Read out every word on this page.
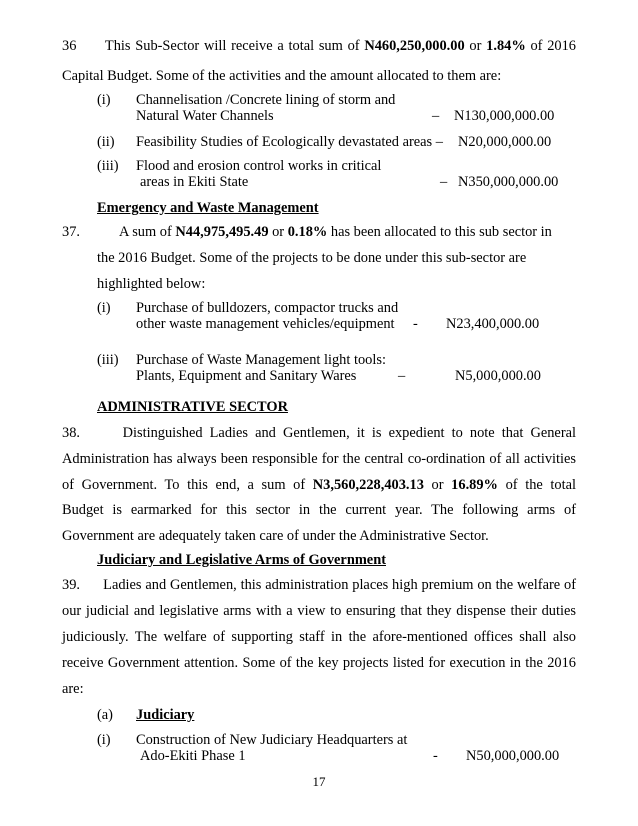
36 This Sub-Sector will receive a total sum of N460,250,000.00 or 1.84% of 2016
Capital Budget. Some of the activities and the amount allocated to them are:
(i) Channelisation /Concrete lining of storm and
Natural Water Channels	– N130,000,000.00
(ii) Feasibility Studies of Ecologically devastated areas – N20,000,000.00
(iii) Flood and erosion control works in critical
areas in Ekiti State	– N350,000,000.00
Emergency and Waste Management
37.	A sum of N44,975,495.49 or 0.18% has been allocated to this sub sector in
the 2016 Budget. Some of the projects to be done under this sub-sector are
highlighted below:
(i) Purchase of bulldozers, compactor trucks and
other waste management vehicles/equipment - N23,400,000.00
(iii) Purchase of Waste Management light tools:
Plants, Equipment and Sanitary Wares	–	N5,000,000.00
ADMINISTRATIVE SECTOR
38.	Distinguished Ladies and Gentlemen, it is expedient to note that General
Administration has always been responsible for the central co-ordination of all activities
of Government. To this end, a sum of N3,560,228,403.13 or 16.89% of the total
Budget is earmarked for this sector in the current year. The following arms of
Government are adequately taken care of under the Administrative Sector.
Judiciary and Legislative Arms of Government
39. Ladies and Gentlemen, this administration places high premium on the welfare of
our judicial and legislative arms with a view to ensuring that they dispense their duties
judiciously. The welfare of supporting staff in the afore-mentioned offices shall also
receive Government attention. Some of the key projects listed for execution in the 2016
are:
(a) Judiciary
(i) Construction of New Judiciary Headquarters at
Ado-Ekiti Phase 1	- N50,000,000.00
17
